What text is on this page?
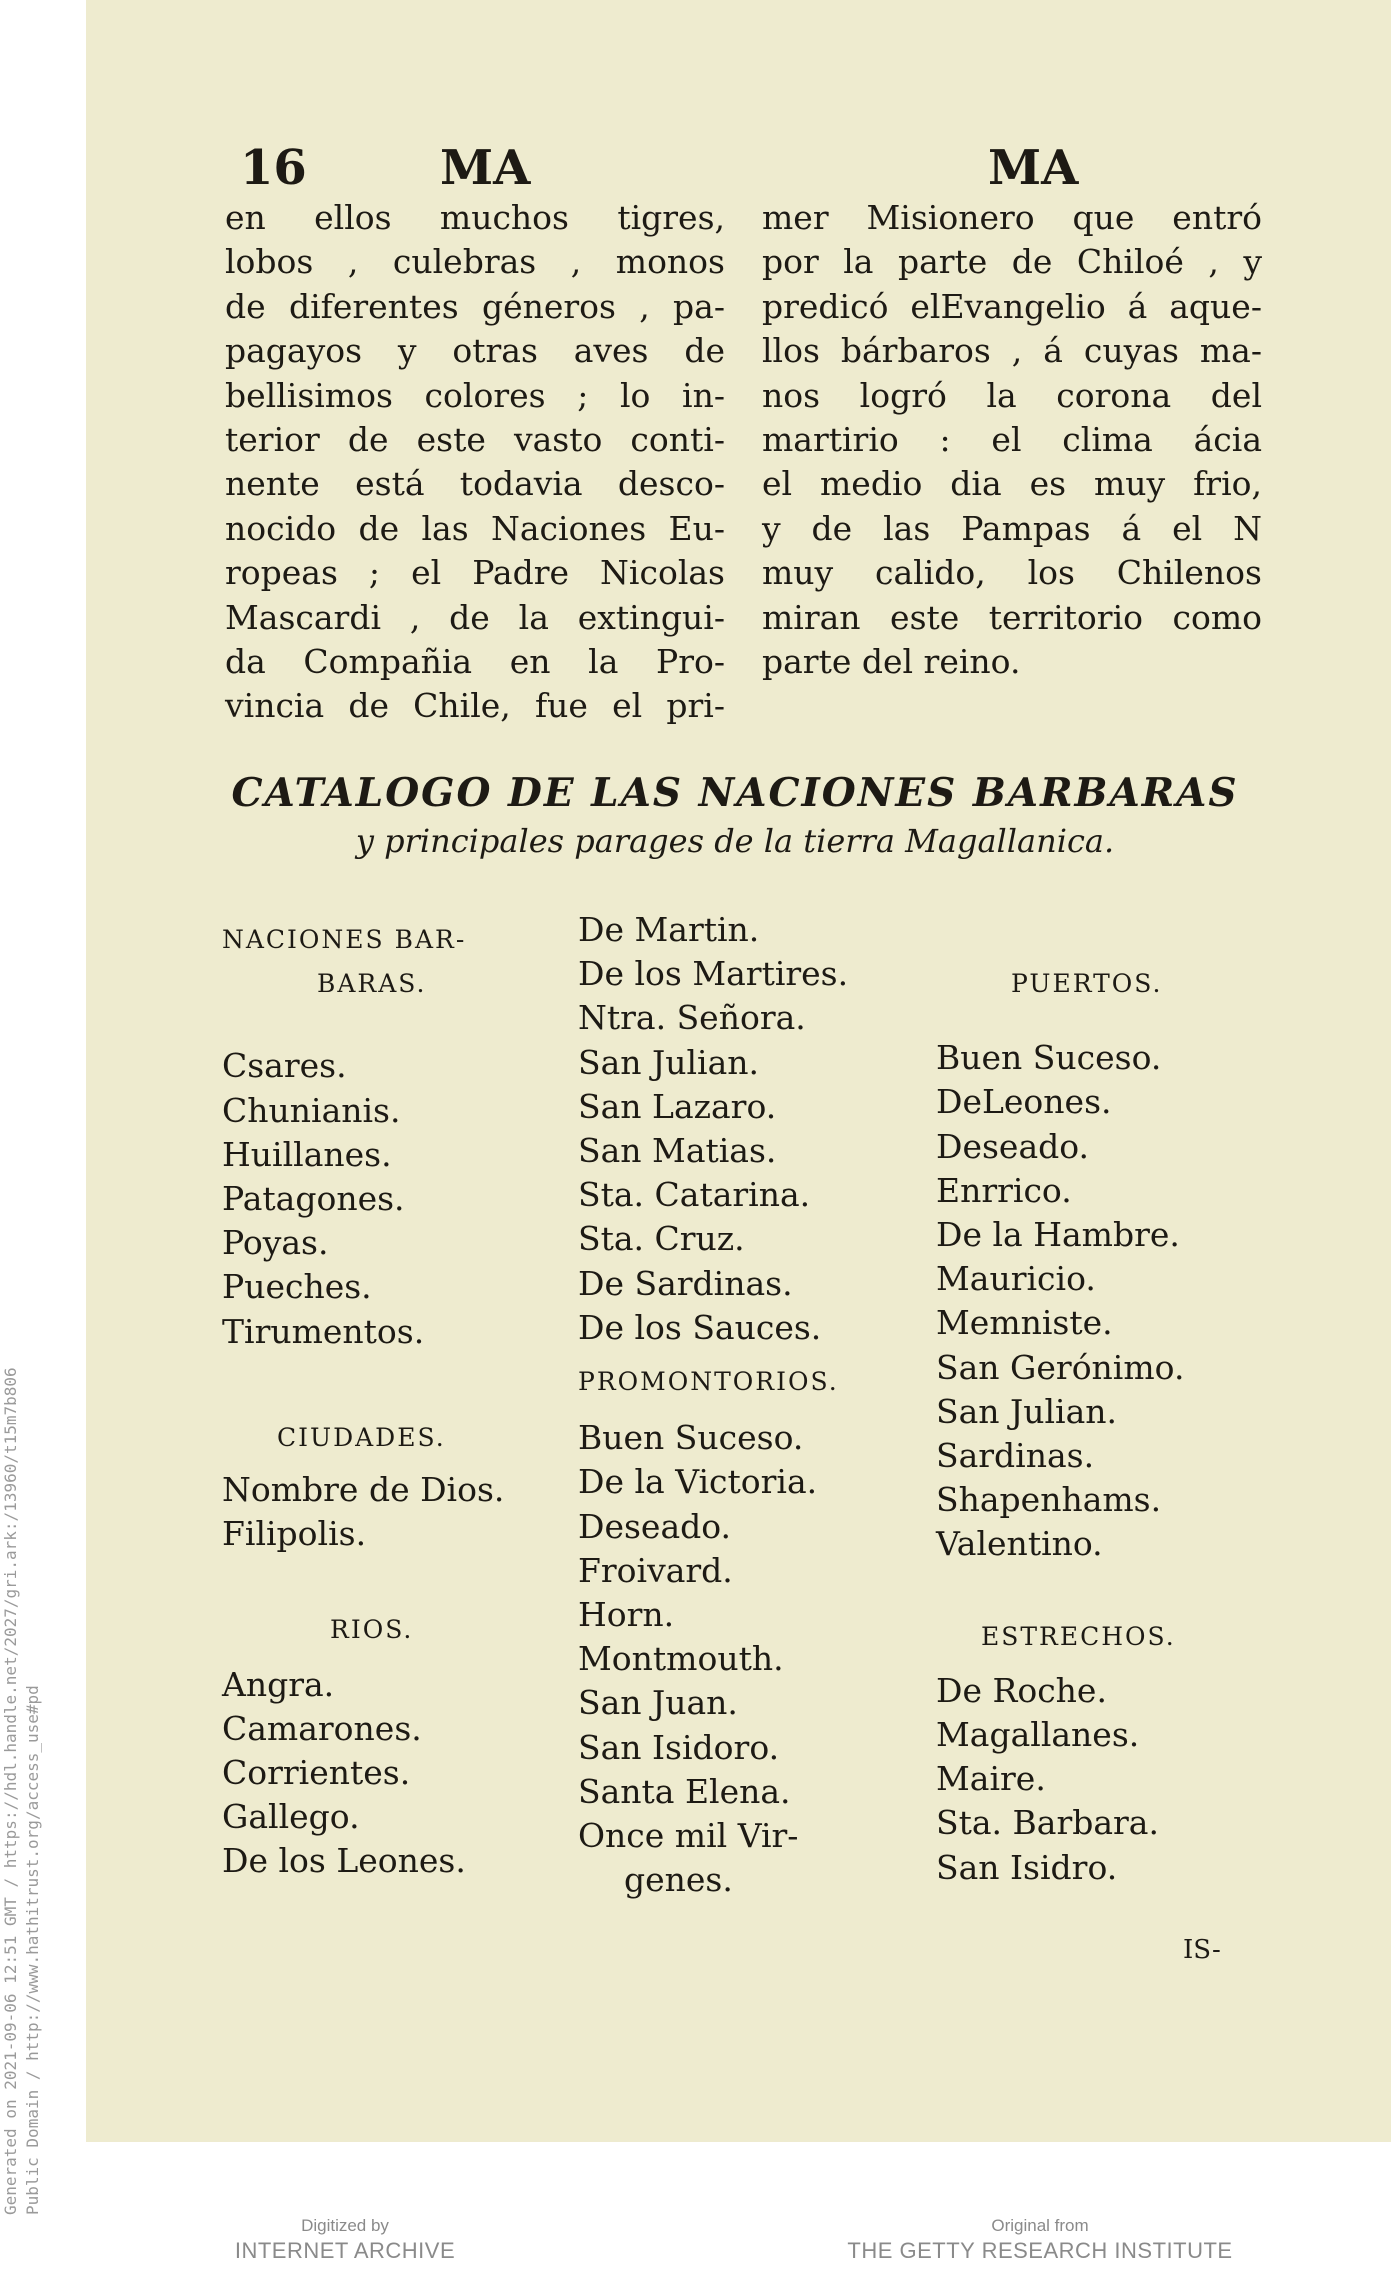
Generated on 2021-09-06 12:51 GMT / https://hdl.handle.net/2027/gri.ark:/13960/t15m7b806 Public Domain / http://www.hathitrust.org/access_use#pd
16	MA	MA
en ellos muchos tigres,
lobos , culebras , monos
de diferentes géneros , pa-
pagayos y otras aves de
bellisimos colores ; lo in-
terior de este vasto conti-
nente está todavia desco-
nocido de las Naciones Eu-
ropeas ; el Padre Nicolas
Mascardi , de la extingui-
da Compañia en la Pro-
vincia de Chile, fue el pri-
mer Misionero que entró
por la parte de Chiloé , y
predicó elEvangelio á aque-
llos bárbaros , á cuyas ma-
nos logró la corona del
martirio : el clima ácia
el medio dia es muy frio,
y de las Pampas á el N
muy calido, los Chilenos
miran este territorio como
parte del reino.
CATALOGO DE LAS NACIONES BARBARAS
y principales parages de la tierra Magallanica.
NACIONES BAR-
BARAS.
Csares.
Chunianis.
Huillanes.
Patagones.
Poyas.
Pueches.
Tirumentos.
CIUDADES.
Nombre de Dios.
Filipolis.
RIOS.
Angra.
Camarones.
Corrientes.
Gallego.
De los Leones.
De Martin.
De los Martires.
Ntra. Señora.
San Julian.
San Lazaro.
San Matias.
Sta. Catarina.
Sta. Cruz.
De Sardinas.
De los Sauces.
PROMONTORIOS.
Buen Suceso.
De la Victoria.
Deseado.
Froivard.
Horn.
Montmouth.
San Juan.
San Isidoro.
Santa Elena.
Once mil Vir-
genes.
PUERTOS.
Buen Suceso.
DeLeones.
Deseado.
Enrrico.
De la Hambre.
Mauricio.
Memniste.
San Gerónimo.
San Julian.
Sardinas.
Shapenhams.
Valentino.
ESTRECHOS.
De Roche.
Magallanes.
Maire.
Sta. Barbara.
San Isidro.
IS-
Digitized by
INTERNET ARCHIVE
Original from
THE GETTY RESEARCH INSTITUTE
